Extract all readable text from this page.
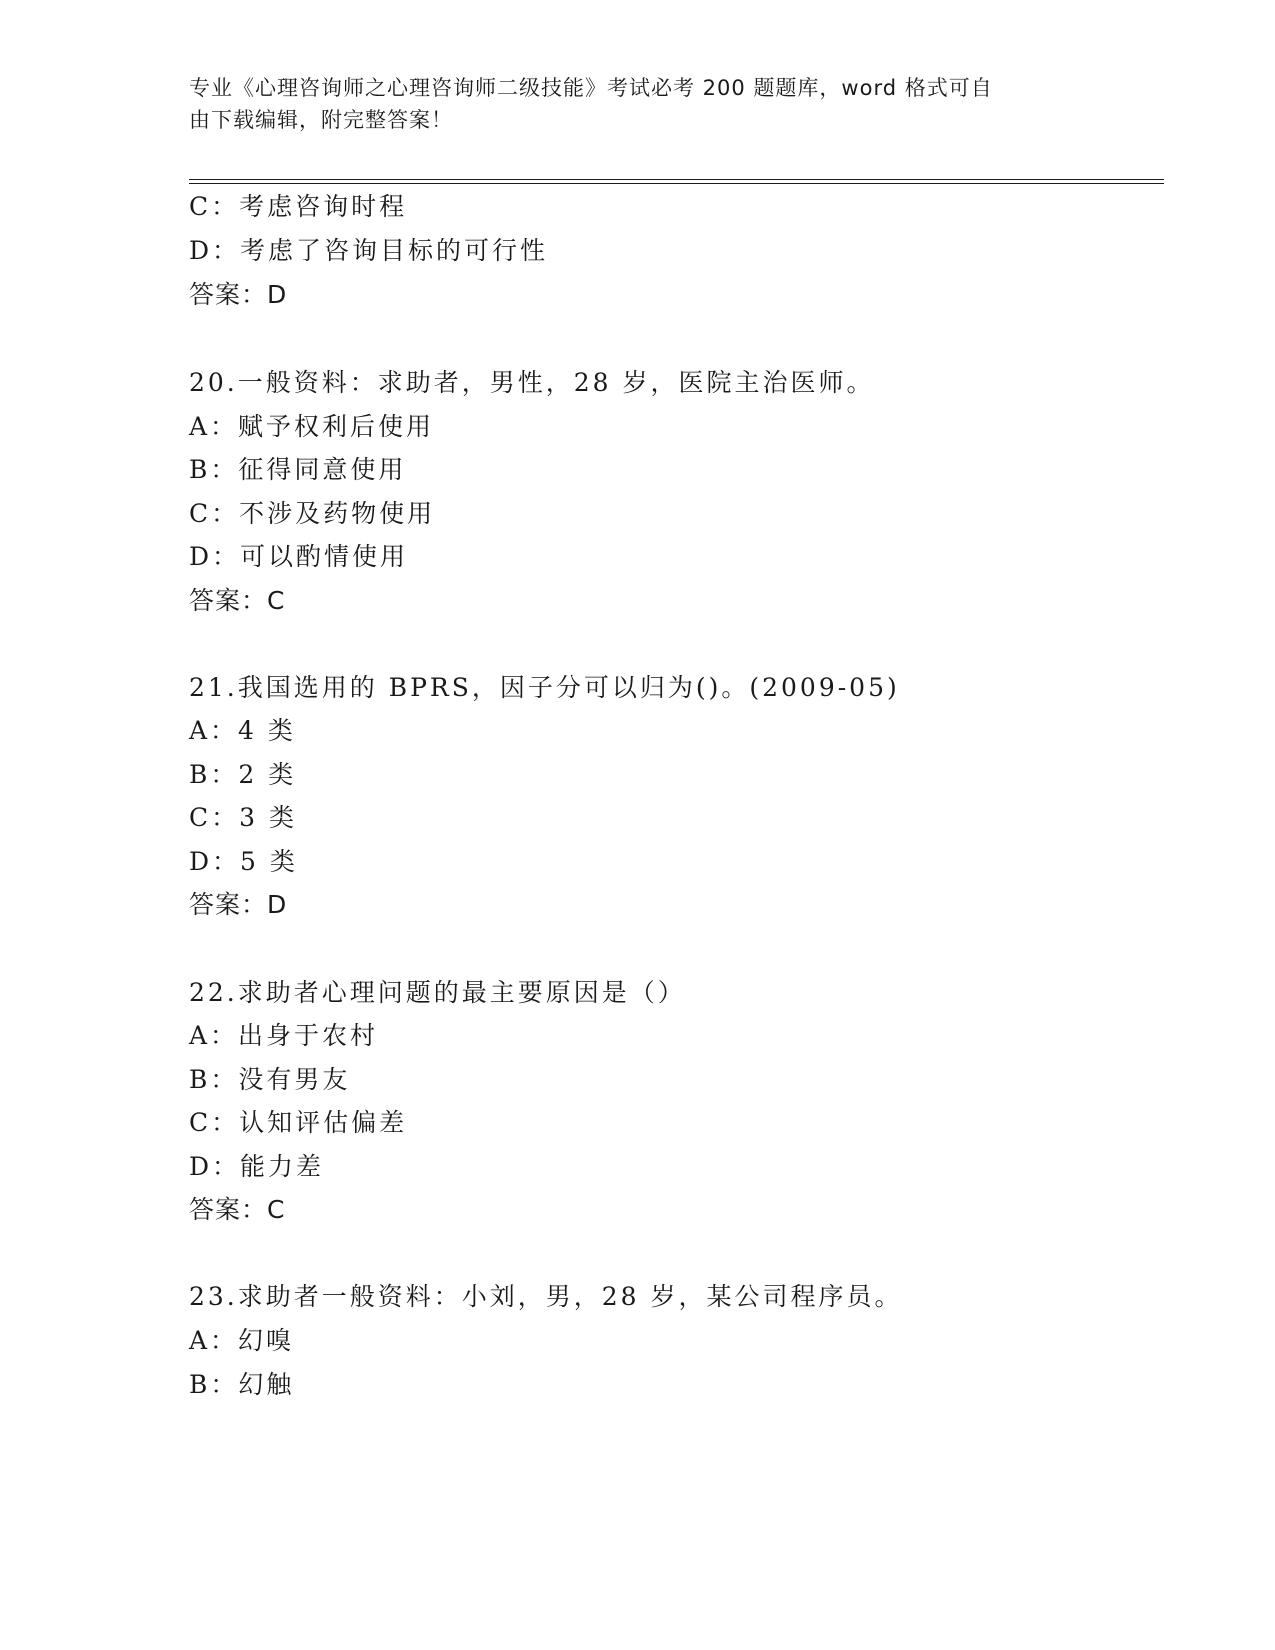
专业《心理咨询师之心理咨询师二级技能》考试必考 200 题题库，word 格式可自
由下载编辑，附完整答案！
C：考虑咨询时程
D：考虑了咨询目标的可行性
答案：D
20.一般资料：求助者，男性，28 岁，医院主治医师。
A：赋予权利后使用
B：征得同意使用
C：不涉及药物使用
D：可以酌情使用
答案：C
21.我国选用的 BPRS，因子分可以归为()。(2009-05)
A：4 类
B：2 类
C：3 类
D：5 类
答案：D
22.求助者心理问题的最主要原因是（）
A：出身于农村
B：没有男友
C：认知评估偏差
D：能力差
答案：C
23.求助者一般资料：小刘，男，28 岁，某公司程序员。
A：幻嗅
B：幻触
